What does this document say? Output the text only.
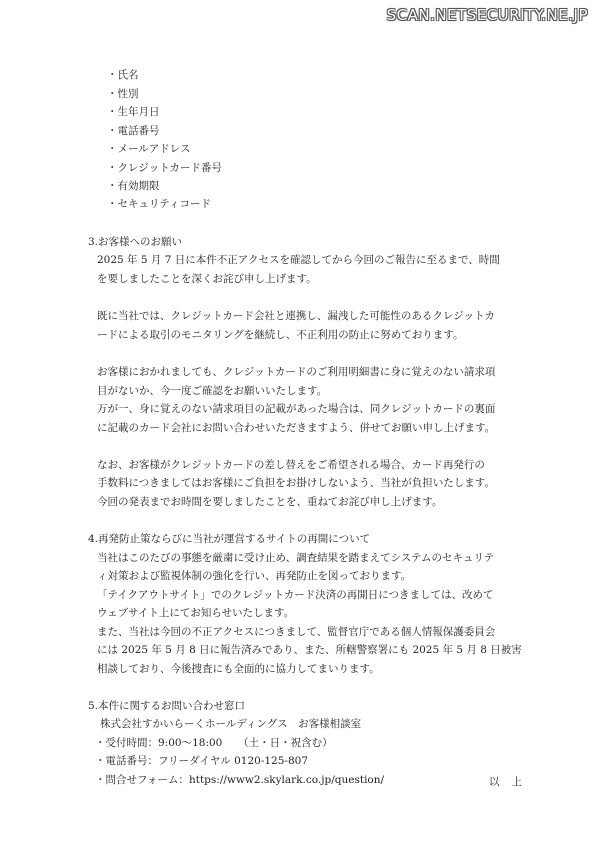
SCAN.NETSECURITY.NE.JP
・氏名
・性別
・生年月日
・電話番号
・メールアドレス
・クレジットカード番号
・有効期限
・セキュリティコード
3.お客様へのお願い
2025 年 5 月 7 日に本件不正アクセスを確認してから今回のご報告に至るまで、時間
を要しましたことを深くお詫び申し上げます。
既に当社では、クレジットカード会社と連携し、漏洩した可能性のあるクレジットカ
ードによる取引のモニタリングを継続し、不正利用の防止に努めております。
お客様におかれましても、クレジットカードのご利用明細書に身に覚えのない請求項
目がないか、今一度ご確認をお願いいたします。
万が一、身に覚えのない請求項目の記載があった場合は、同クレジットカードの裏面
に記載のカード会社にお問い合わせいただきますよう、併せてお願い申し上げます。
なお、お客様がクレジットカードの差し替えをご希望される場合、カード再発行の
手数料につきましてはお客様にご負担をお掛けしないよう、当社が負担いたします。
今回の発表までお時間を要しましたことを、重ねてお詫び申し上げます。
4.再発防止策ならびに当社が運営するサイトの再開について
当社はこのたびの事態を厳粛に受け止め、調査結果を踏まえてシステムのセキュリテ
ィ対策および監視体制の強化を行い、再発防止を図っております。
「テイクアウトサイト」でのクレジットカード決済の再開日につきましては、改めて
ウェブサイト上にてお知らせいたします。
また、当社は今回の不正アクセスにつきまして、監督官庁である個人情報保護委員会
には 2025 年 5 月 8 日に報告済みであり、また、所轄警察署にも 2025 年 5 月 8 日被害
相談しており、今後捜査にも全面的に協力してまいります。
5.本件に関するお問い合わせ窓口
株式会社すかいらーくホールディングス　お客様相談室
・受付時間：9:00～18:00　　（土・日・祝含む）
・電話番号：フリーダイヤル 0120-125-807
・問合せフォーム：https://www2.skylark.co.jp/question/	以上
